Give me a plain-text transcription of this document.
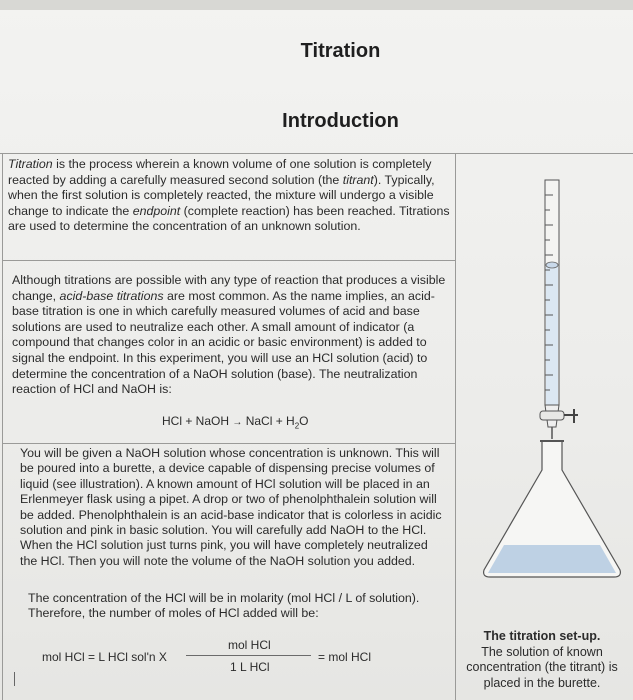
Titration
Introduction
Titration is the process wherein a known volume of one solution is completely reacted by adding a carefully measured second solution (the titrant). Typically, when the first solution is completely reacted, the mixture will undergo a visible change to indicate the endpoint (complete reaction) has been reached. Titrations are used to determine the concentration of an unknown solution.
Although titrations are possible with any type of reaction that produces a visible change, acid-base titrations are most common. As the name implies, an acid-base titration is one in which carefully measured volumes of acid and base solutions are used to neutralize each other. A small amount of indicator (a compound that changes color in an acidic or basic environment) is added to signal the endpoint. In this experiment, you will use an HCl solution (acid) to determine the concentration of a NaOH solution (base). The neutralization reaction of HCl and NaOH is:
HCl + NaOH → NaCl + $H_2O$
You will be given a NaOH solution whose concentration is unknown. This will be poured into a burette, a device capable of dispensing precise volumes of liquid (see illustration). A known amount of HCl solution will be placed in an Erlenmeyer flask using a pipet. A drop or two of phenolphthalein solution will be added. Phenolphthalein is an acid-base indicator that is colorless in acidic solution and pink in basic solution. You will carefully add NaOH to the HCl. When the HCl solution just turns pink, you will have completely neutralized the HCl. Then you will note the volume of the NaOH solution you added.
The concentration of the HCl will be in molarity (mol HCl / L of solution). Therefore, the number of moles of HCl added will be:
mol HCl = L HCl sol'n X
mol HCl
1 L HCl
= mol HCl
The titration set-up.
The solution of known concentration (the titrant) is placed in the burette.
